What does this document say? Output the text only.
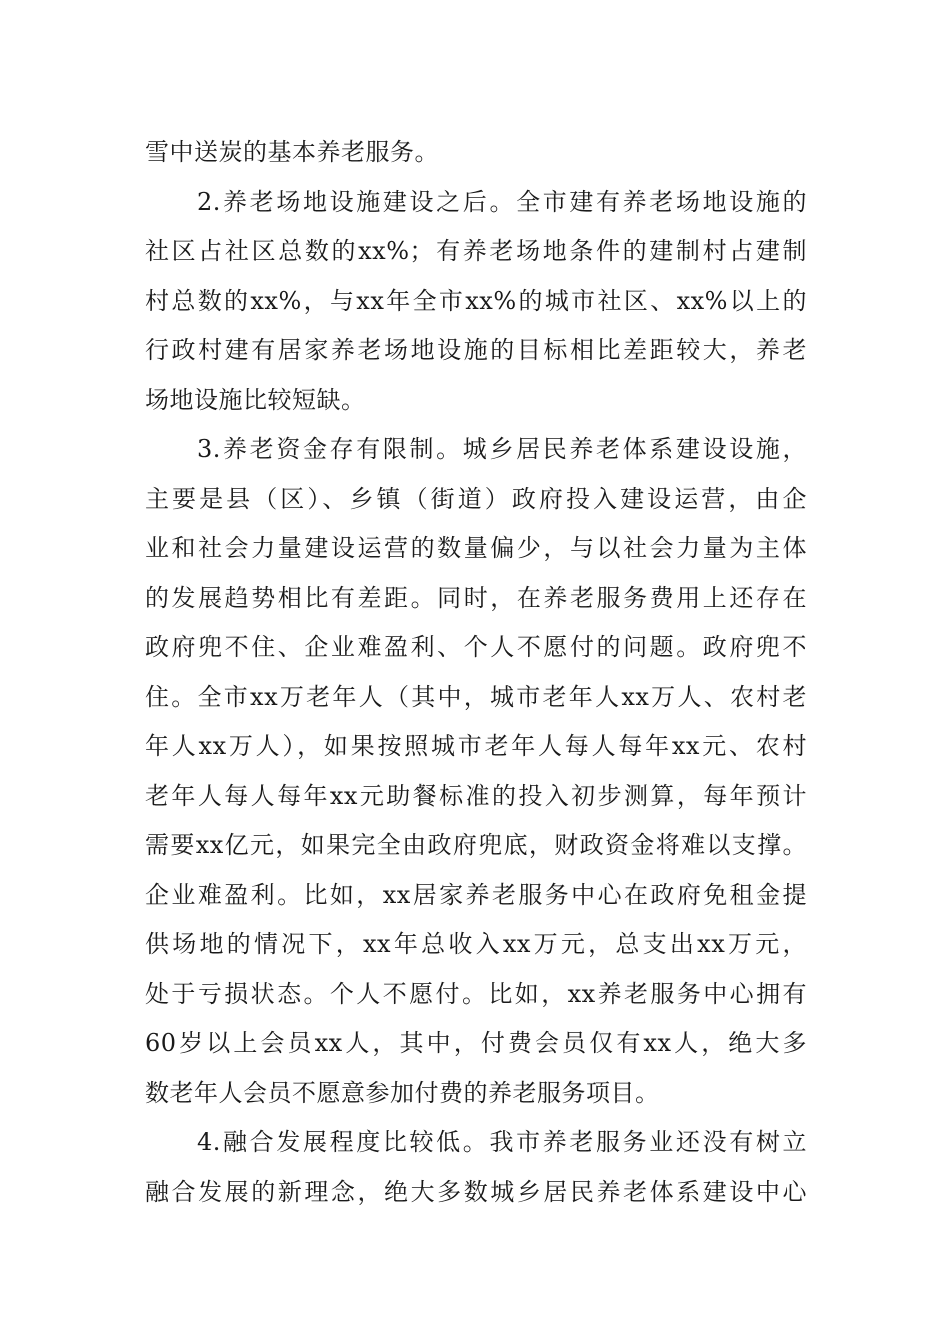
雪中送炭的基本养老服务。
2.养老场地设施建设之后。全市建有养老场地设施的
社区占社区总数的xx%；有养老场地条件的建制村占建制
村总数的xx%，与xx年全市xx%的城市社区、xx%以上的
行政村建有居家养老场地设施的目标相比差距较大，养老
场地设施比较短缺。
3.养老资金存有限制。城乡居民养老体系建设设施，
主要是县（区）、乡镇（街道）政府投入建设运营，由企
业和社会力量建设运营的数量偏少，与以社会力量为主体
的发展趋势相比有差距。同时，在养老服务费用上还存在
政府兜不住、企业难盈利、个人不愿付的问题。政府兜不
住。全市xx万老年人（其中，城市老年人xx万人、农村老
年人xx万人），如果按照城市老年人每人每年xx元、农村
老年人每人每年xx元助餐标准的投入初步测算，每年预计
需要xx亿元，如果完全由政府兜底，财政资金将难以支撑。
企业难盈利。比如，xx居家养老服务中心在政府免租金提
供场地的情况下，xx年总收入xx万元，总支出xx万元，
处于亏损状态。个人不愿付。比如，xx养老服务中心拥有
60岁以上会员xx人，其中，付费会员仅有xx人，绝大多
数老年人会员不愿意参加付费的养老服务项目。
4.融合发展程度比较低。我市养老服务业还没有树立
融合发展的新理念，绝大多数城乡居民养老体系建设中心
